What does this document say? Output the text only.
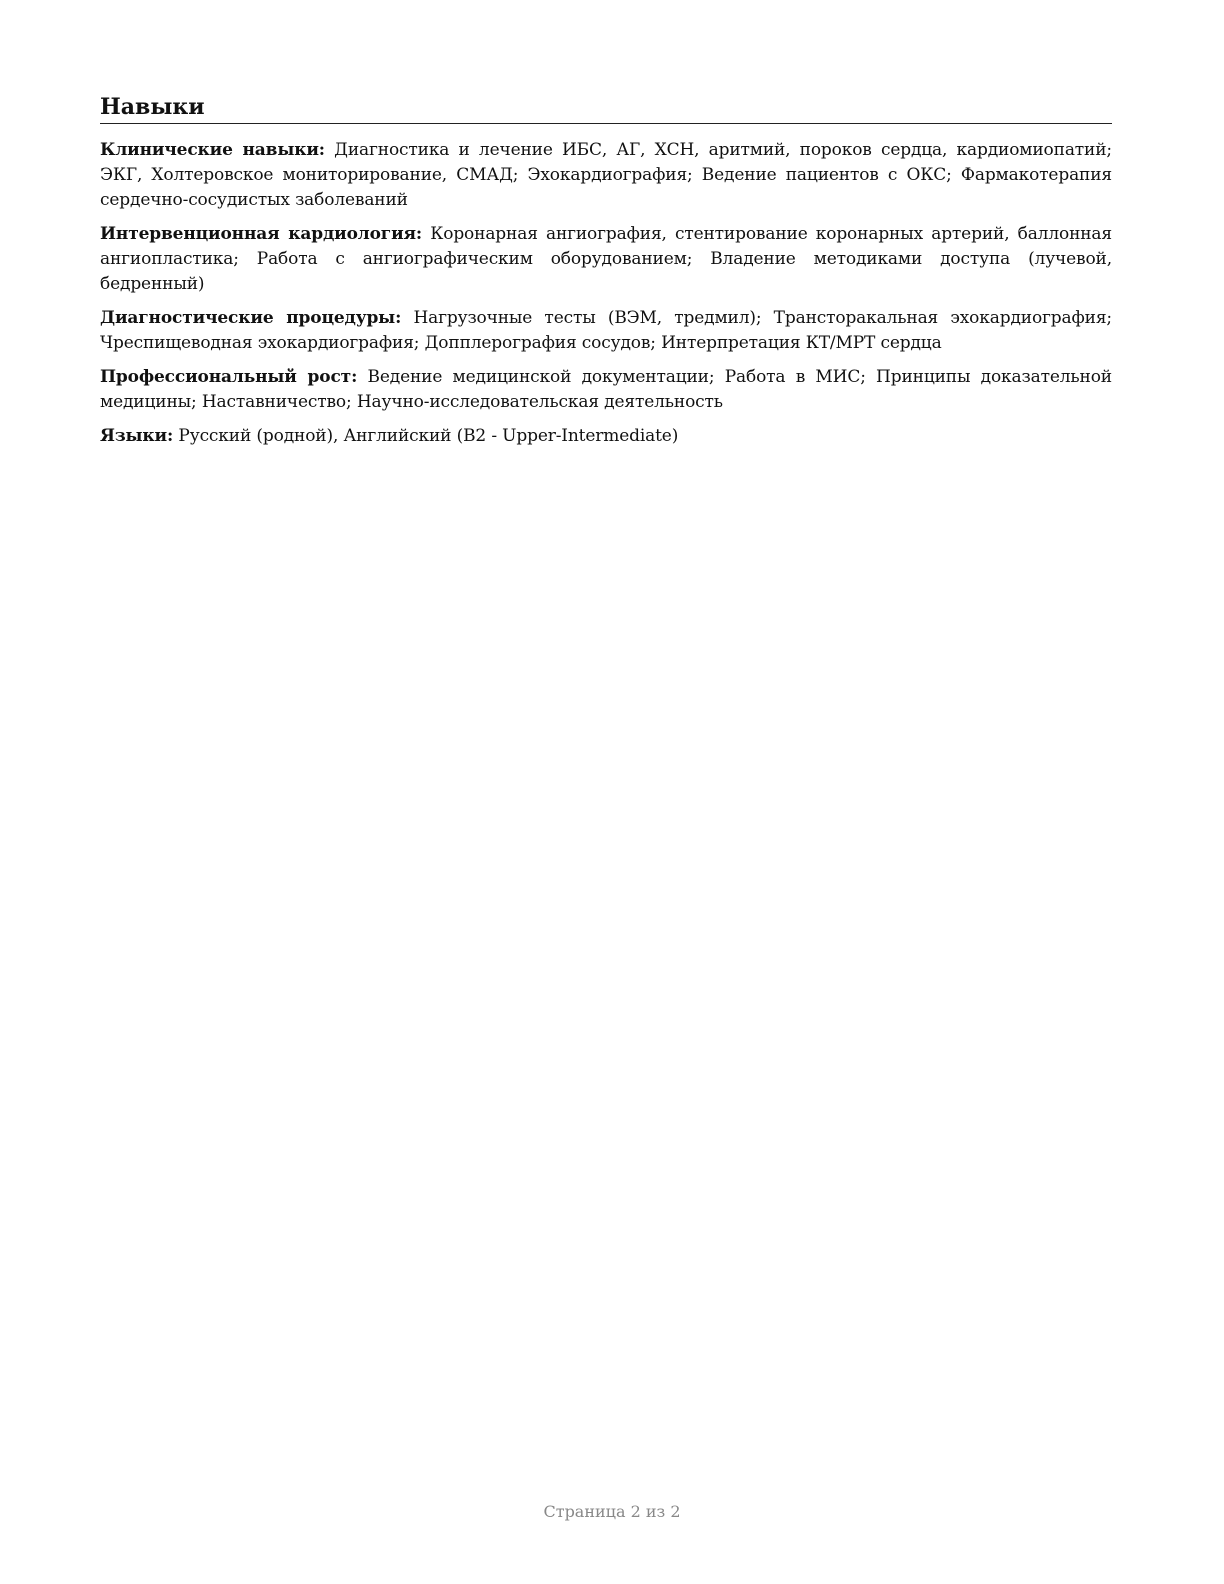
Навыки

Клинические навыки: Диагностика и лечение ИБС, АГ, ХСН, аритмий, пороков сердца, кардиомиопатий; ЭКГ, Холтеровское мониторирование, СМАД; Эхокардиография; Ведение пациентов с ОКС; Фармакотерапия сердечно-сосудистых заболеваний

Интервенционная кардиология: Коронарная ангиография, стентирование коронарных артерий, баллонная ангиопластика; Работа с ангиографическим оборудованием; Владение методиками доступа (лучевой, бедренный)

Диагностические процедуры: Нагрузочные тесты (ВЭМ, тредмил); Трансторакальная эхокардиография; Чреспищеводная эхокардиография; Допплерография сосудов; Интерпретация КТ/МРТ сердца

Профессиональный рост: Ведение медицинской документации; Работа в МИС; Принципы доказательной медицины; Наставничество; Научно-исследовательская деятельность

Языки: Русский (родной), Английский (B2 - Upper-Intermediate)

Страница 2 из 2
